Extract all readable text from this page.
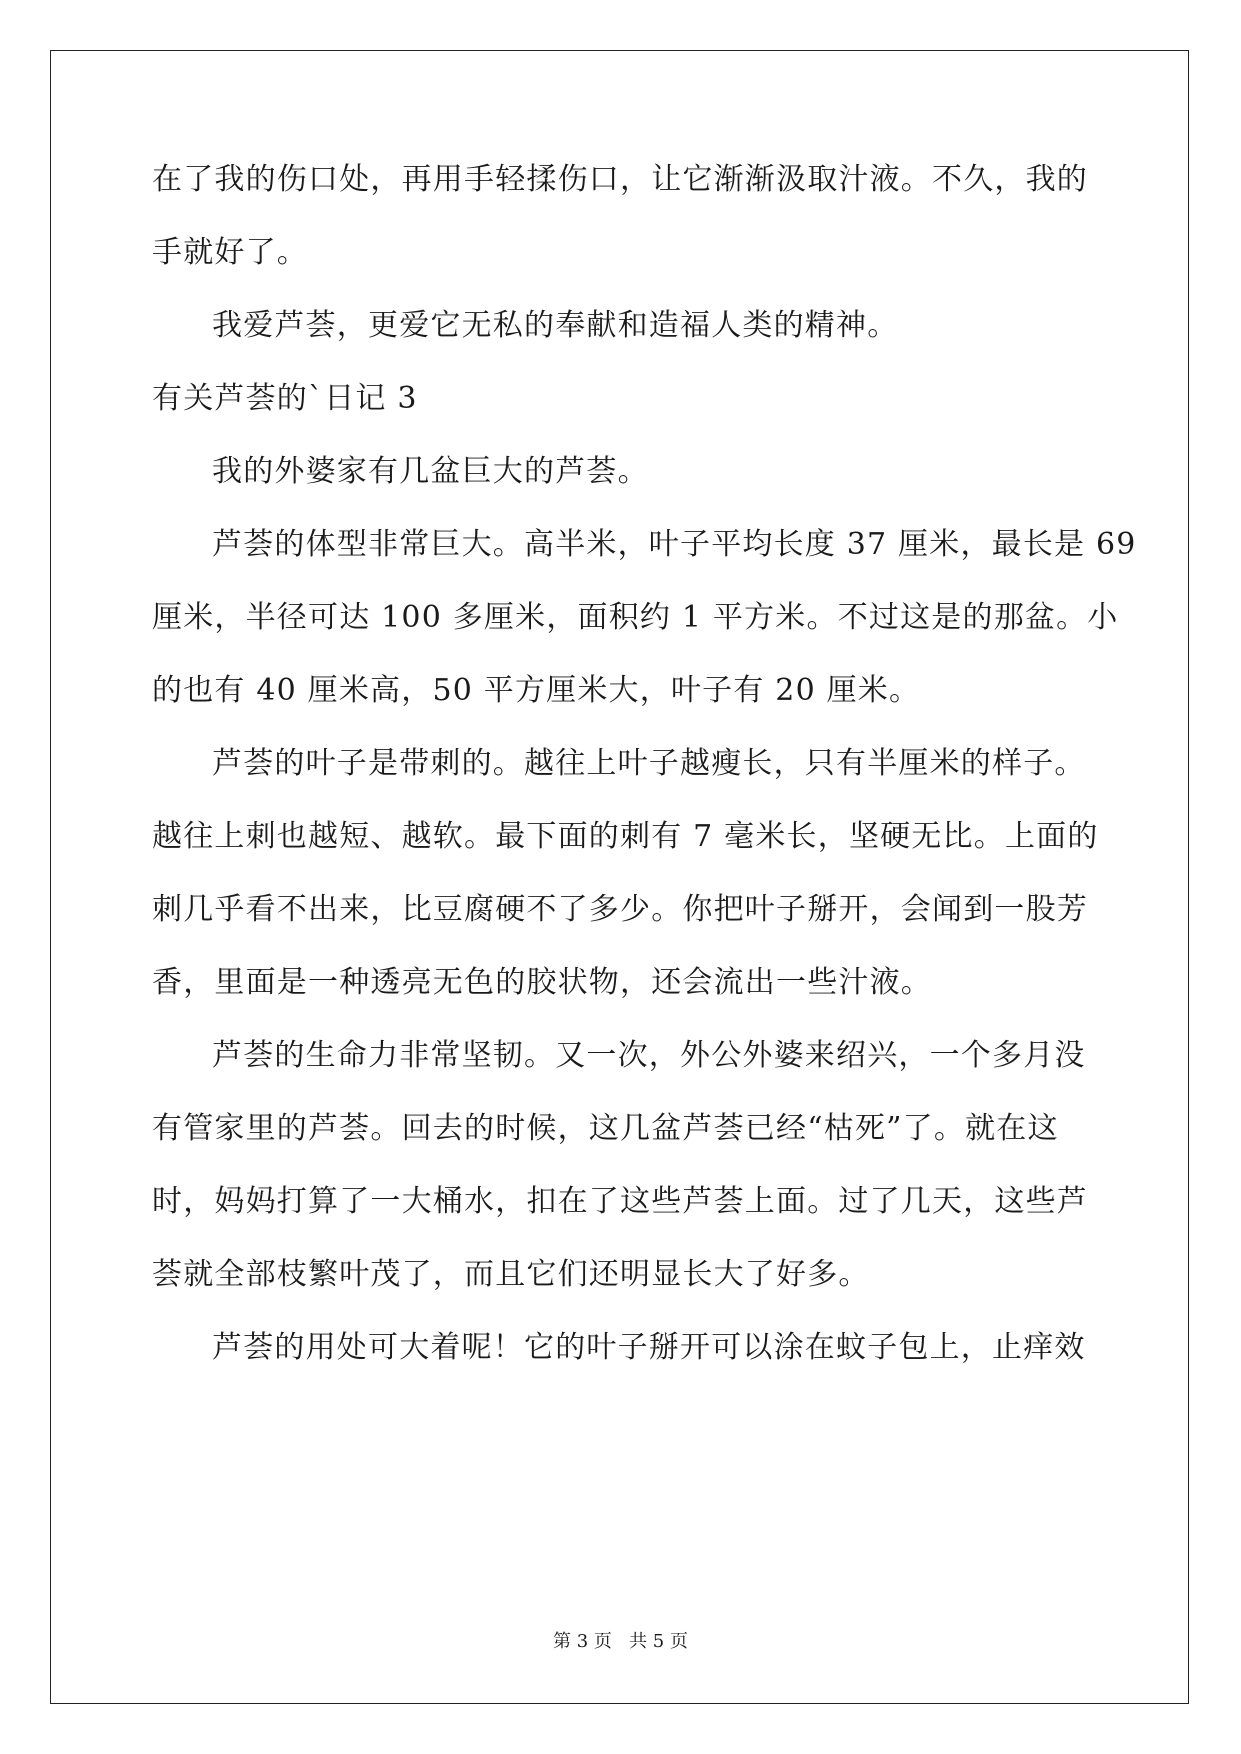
在了我的伤口处，再用手轻揉伤口，让它渐渐汲取汁液。不久，我的
手就好了。
我爱芦荟，更爱它无私的奉献和造福人类的精神。
有关芦荟的`日记 3
我的外婆家有几盆巨大的芦荟。
芦荟的体型非常巨大。高半米，叶子平均长度 37 厘米，最长是 69
厘米，半径可达 100 多厘米，面积约 1 平方米。不过这是的那盆。小
的也有 40 厘米高，50 平方厘米大，叶子有 20 厘米。
芦荟的叶子是带刺的。越往上叶子越瘦长，只有半厘米的样子。
越往上刺也越短、越软。最下面的刺有 7 毫米长，坚硬无比。上面的
刺几乎看不出来，比豆腐硬不了多少。你把叶子掰开，会闻到一股芳
香，里面是一种透亮无色的胶状物，还会流出一些汁液。
芦荟的生命力非常坚韧。又一次，外公外婆来绍兴，一个多月没
有管家里的芦荟。回去的时候，这几盆芦荟已经“枯死”了。就在这
时，妈妈打算了一大桶水，扣在了这些芦荟上面。过了几天，这些芦
荟就全部枝繁叶茂了，而且它们还明显长大了好多。
芦荟的用处可大着呢！它的叶子掰开可以涂在蚊子包上，止痒效
第 3 页   共 5 页
